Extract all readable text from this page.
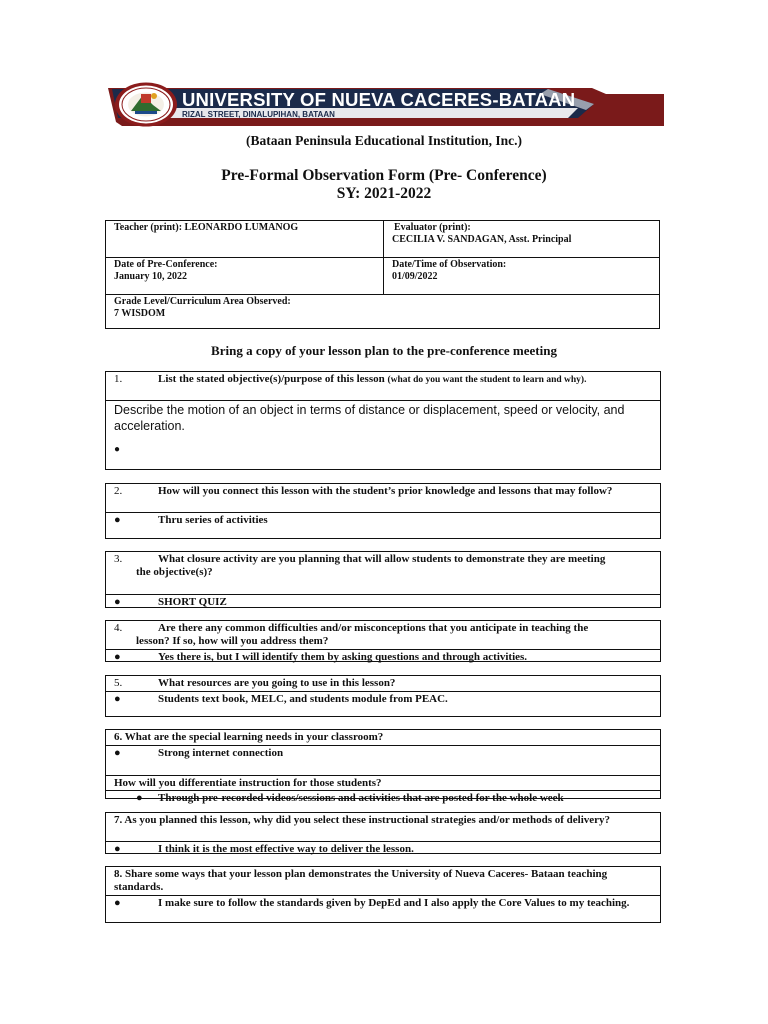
UNIVERSITY OF NUEVA CACERES-BATAAN
RIZAL STREET, DINALUPIHAN, BATAAN
(Bataan Peninsula Educational Institution, Inc.)
Pre-Formal Observation Form (Pre- Conference)
SY: 2021-2022
Teacher (print): LEONARDO LUMANOG	Evaluator (print):
CECILIA V. SANDAGAN, Asst. Principal
Date of Pre-Conference:
January 10, 2022
Date/Time of Observation:
01/09/2022
Grade Level/Curriculum Area Observed:
7 WISDOM
Bring a copy of your lesson plan to the pre-conference meeting
1.	List the stated objective(s)/purpose of this lesson (what do you want the student to learn and why).
Describe the motion of an object in terms of distance or displacement, speed or velocity, and acceleration.
●
2.	How will you connect this lesson with the student’s prior knowledge and lessons that may follow?
●	Thru series of activities
3.	What closure activity are you planning that will allow students to demonstrate they are meeting
the objective(s)?
●	SHORT QUIZ
4.	Are there any common difficulties and/or misconceptions that you anticipate in teaching the
lesson? If so, how will you address them?
●	Yes there is, but I will identify them by asking questions and through activities.
5.	What resources are you going to use in this lesson?
●	Students text book, MELC, and students module from PEAC.
6. What are the special learning needs in your classroom?
●	Strong internet connection
How will you differentiate instruction for those students?
● Through pre-recorded videos/sessions and activities that are posted for the whole week
7. As you planned this lesson, why did you select these instructional strategies and/or methods of delivery?
●	I think it is the most effective way to deliver the lesson.
8. Share some ways that your lesson plan demonstrates the University of Nueva Caceres- Bataan teaching standards.
●	I make sure to follow the standards given by DepEd and I also apply the Core Values to my teaching.
